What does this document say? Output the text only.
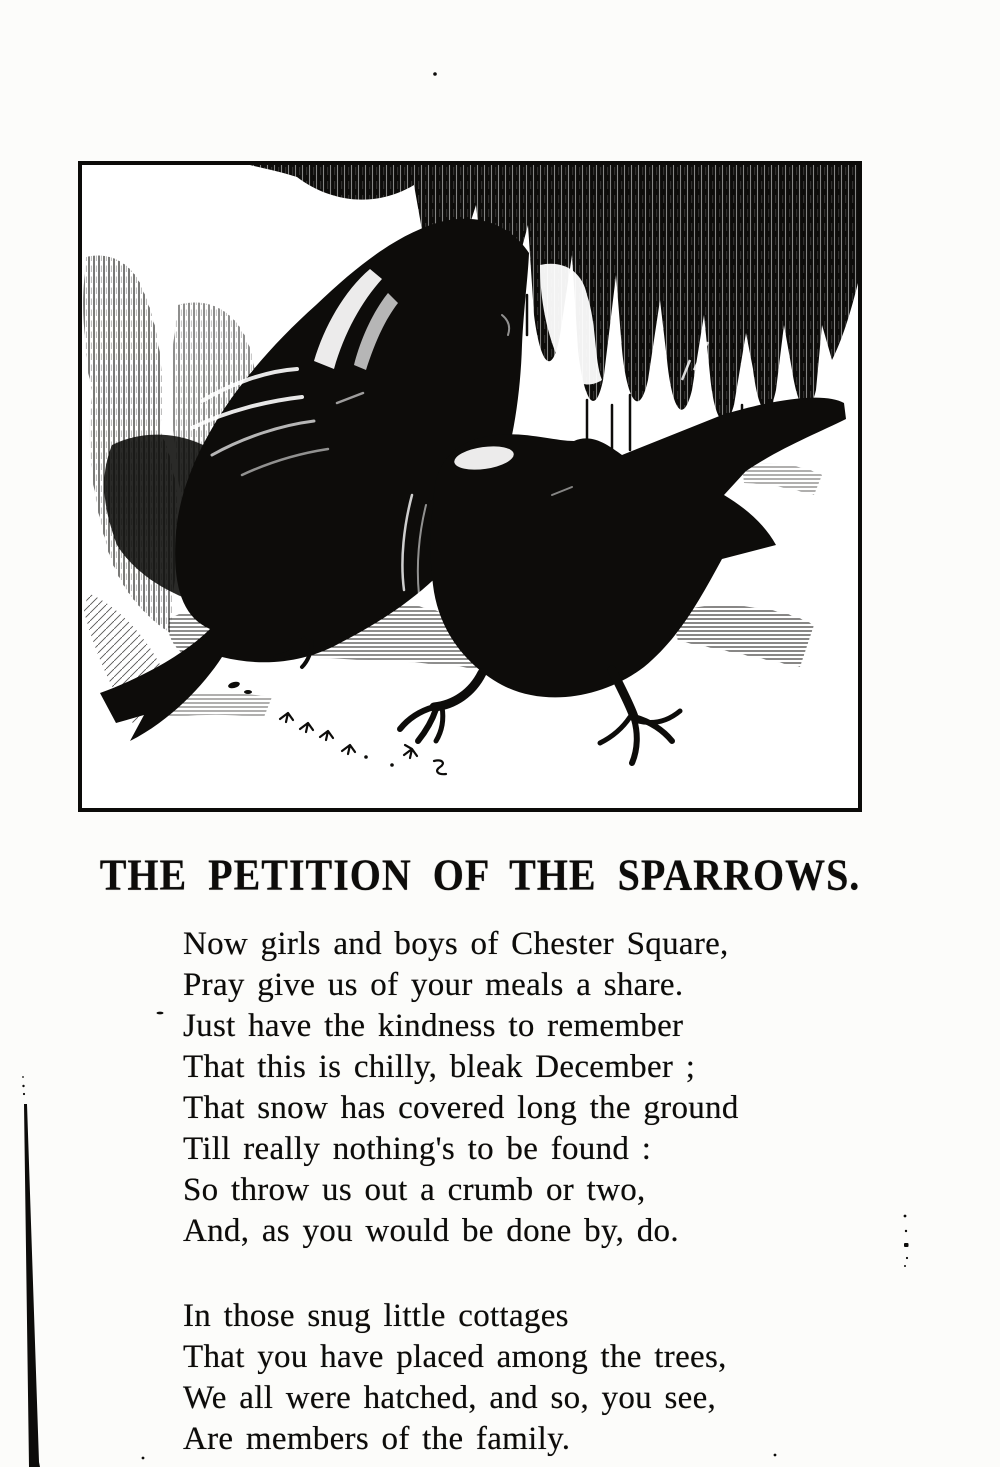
THE PETITION OF THE SPARROWS.
Now girls and boys of Chester Square,
Pray give us of your meals a share.
Just have the kindness to remember
That this is chilly, bleak December ;
That snow has covered long the ground
Till really nothing's to be found :
So throw us out a crumb or two,
And, as you would be done by, do.
In those snug little cottages
That you have placed among the trees,
We all were hatched, and so, you see,
Are members of the family.
